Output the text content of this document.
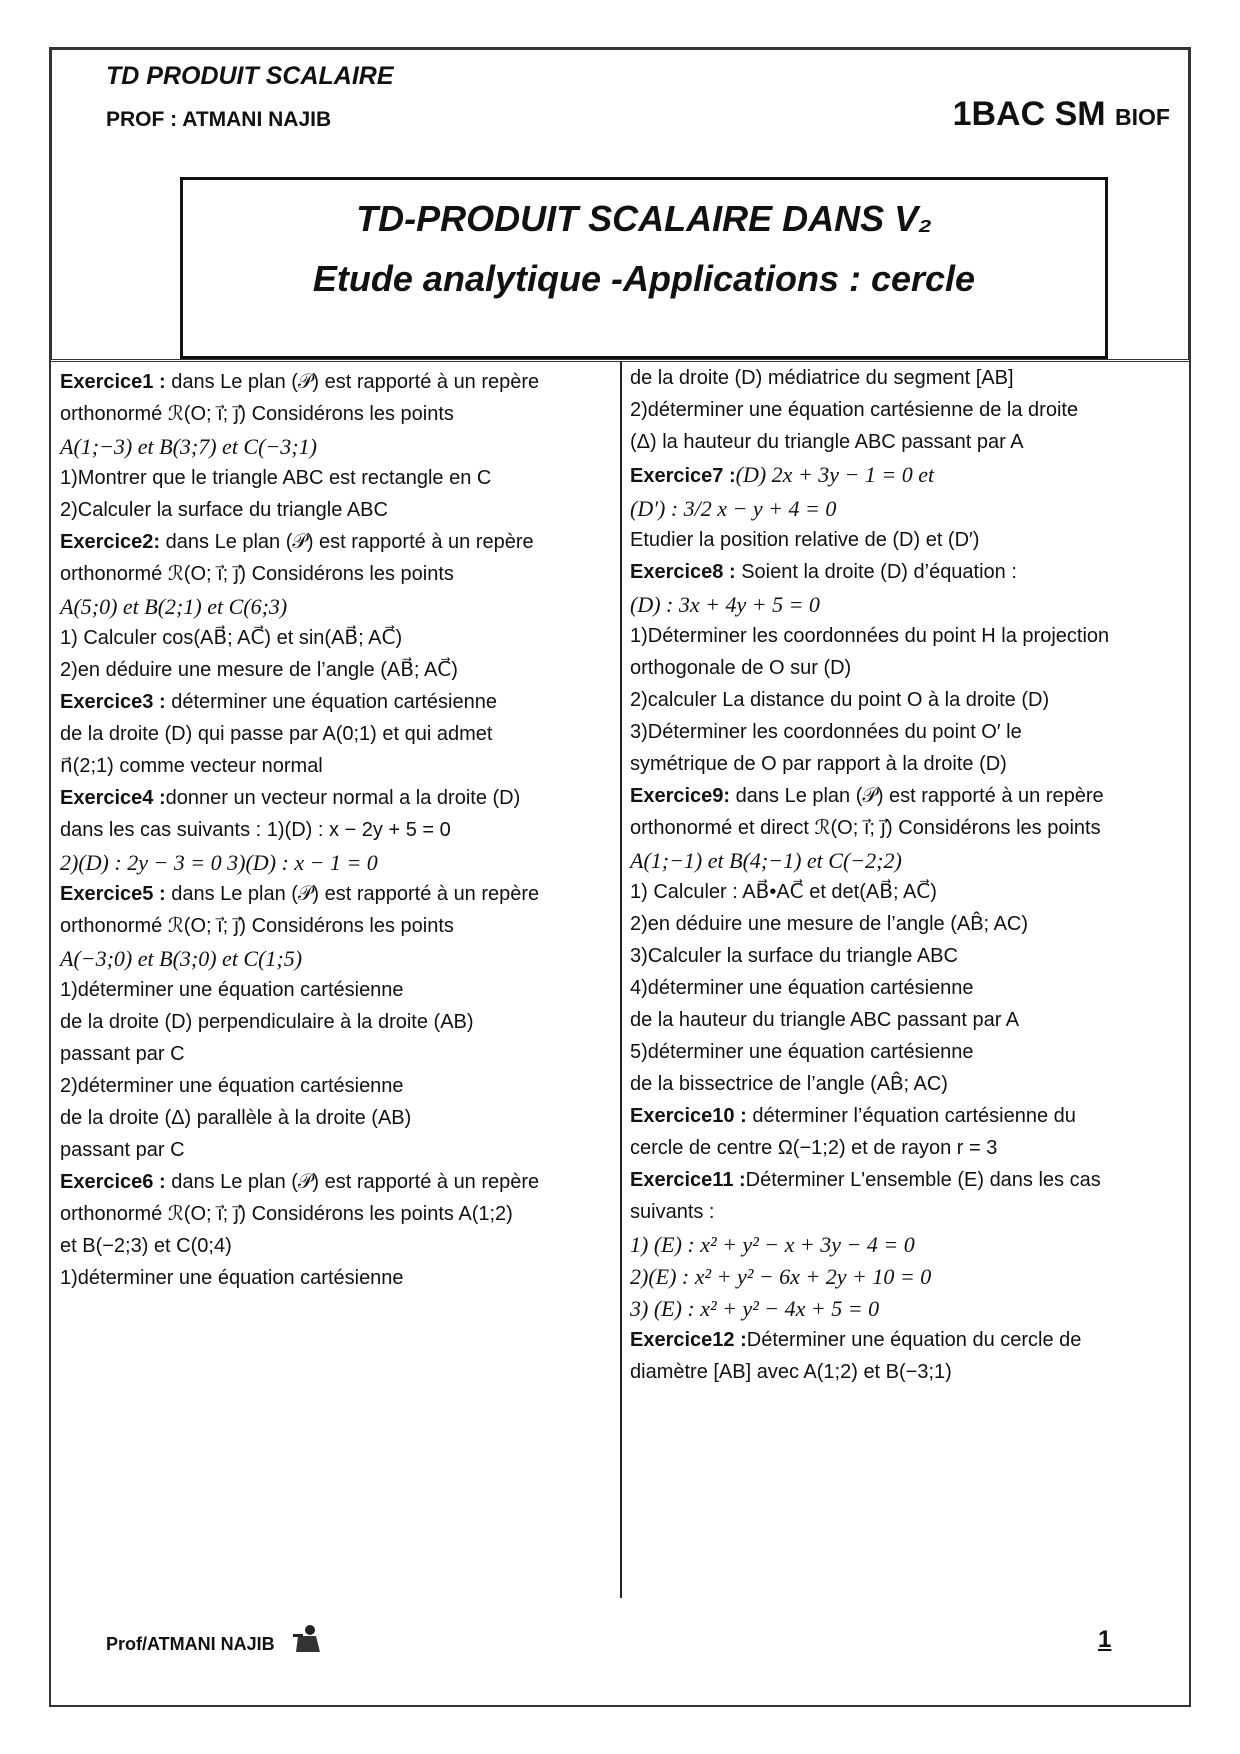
TD PRODUIT SCALAIRE
PROF : ATMANI NAJIB	1BAC SM BIOF
TD-PRODUIT SCALAIRE DANS V₂
Etude analytique -Applications : cercle

Exercice1 : dans Le plan (𝒫) est rapporté à un repère

orthonormé ℛ(O; i⃗; j⃗) Considérons les points

A(1;−3) et B(3;7) et C(−3;1)

1)Montrer que le triangle ABC est rectangle en C

2)Calculer la surface du triangle ABC

Exercice2: dans Le plan (𝒫) est rapporté à un repère

orthonormé ℛ(O; i⃗; j⃗) Considérons les points

A(5;0) et B(2;1) et C(6;3)

1) Calculer cos(AB⃗; AC⃗) et sin(AB⃗; AC⃗)

2)en déduire une mesure de l’angle (AB⃗; AC⃗)

Exercice3 : déterminer une équation cartésienne

de la droite (D) qui passe par A(0;1) et qui admet

n⃗(2;1) comme vecteur normal

Exercice4 :donner un vecteur normal a la droite (D)

dans les cas suivants : 1)(D) : x − 2y + 5 = 0

2)(D) : 2y − 3 = 0 3)(D) : x − 1 = 0

Exercice5 : dans Le plan (𝒫) est rapporté à un repère

orthonormé ℛ(O; i⃗; j⃗) Considérons les points

A(−3;0) et B(3;0) et C(1;5)

1)déterminer une équation cartésienne

de la droite (D) perpendiculaire à la droite (AB)

passant par C

2)déterminer une équation cartésienne

de la droite (Δ) parallèle à la droite (AB)

passant par C

Exercice6 : dans Le plan (𝒫) est rapporté à un repère

orthonormé ℛ(O; i⃗; j⃗) Considérons les points A(1;2)

et B(−2;3) et C(0;4)

1)déterminer une équation cartésienne

de la droite (D) médiatrice du segment [AB]

2)déterminer une équation cartésienne de la droite

(Δ) la hauteur du triangle ABC passant par A

Exercice7 :(D) 2x + 3y − 1 = 0 et

(D′) : 3/2 x − y + 4 = 0

Etudier la position relative de (D) et (D′)

Exercice8 : Soient la droite (D) d’équation :

(D) : 3x + 4y + 5 = 0

1)Déterminer les coordonnées du point H la projection

orthogonale de O sur (D)

2)calculer La distance du point O à la droite (D)

3)Déterminer les coordonnées du point O′ le

symétrique de O par rapport à la droite (D)

Exercice9: dans Le plan (𝒫) est rapporté à un repère

orthonormé et direct ℛ(O; i⃗; j⃗) Considérons les points

A(1;−1) et B(4;−1) et C(−2;2)

1) Calculer : AB⃗•AC⃗ et det(AB⃗; AC⃗)

2)en déduire une mesure de l’angle (AB̂; AC)

3)Calculer la surface du triangle ABC

4)déterminer une équation cartésienne

de la hauteur du triangle ABC passant par A

5)déterminer une équation cartésienne

de la bissectrice de l’angle (AB̂; AC)

Exercice10 : déterminer l’équation cartésienne du

cercle de centre Ω(−1;2) et de rayon r = 3

Exercice11 :Déterminer L'ensemble (E) dans les cas

suivants :

1) (E) : x² + y² − x + 3y − 4 = 0

2)(E) : x² + y² − 6x + 2y + 10 = 0

3) (E) : x² + y² − 4x + 5 = 0

Exercice12 :Déterminer une équation du cercle de

diamètre [AB] avec A(1;2) et B(−3;1)

Prof/ATMANI NAJIB	1
